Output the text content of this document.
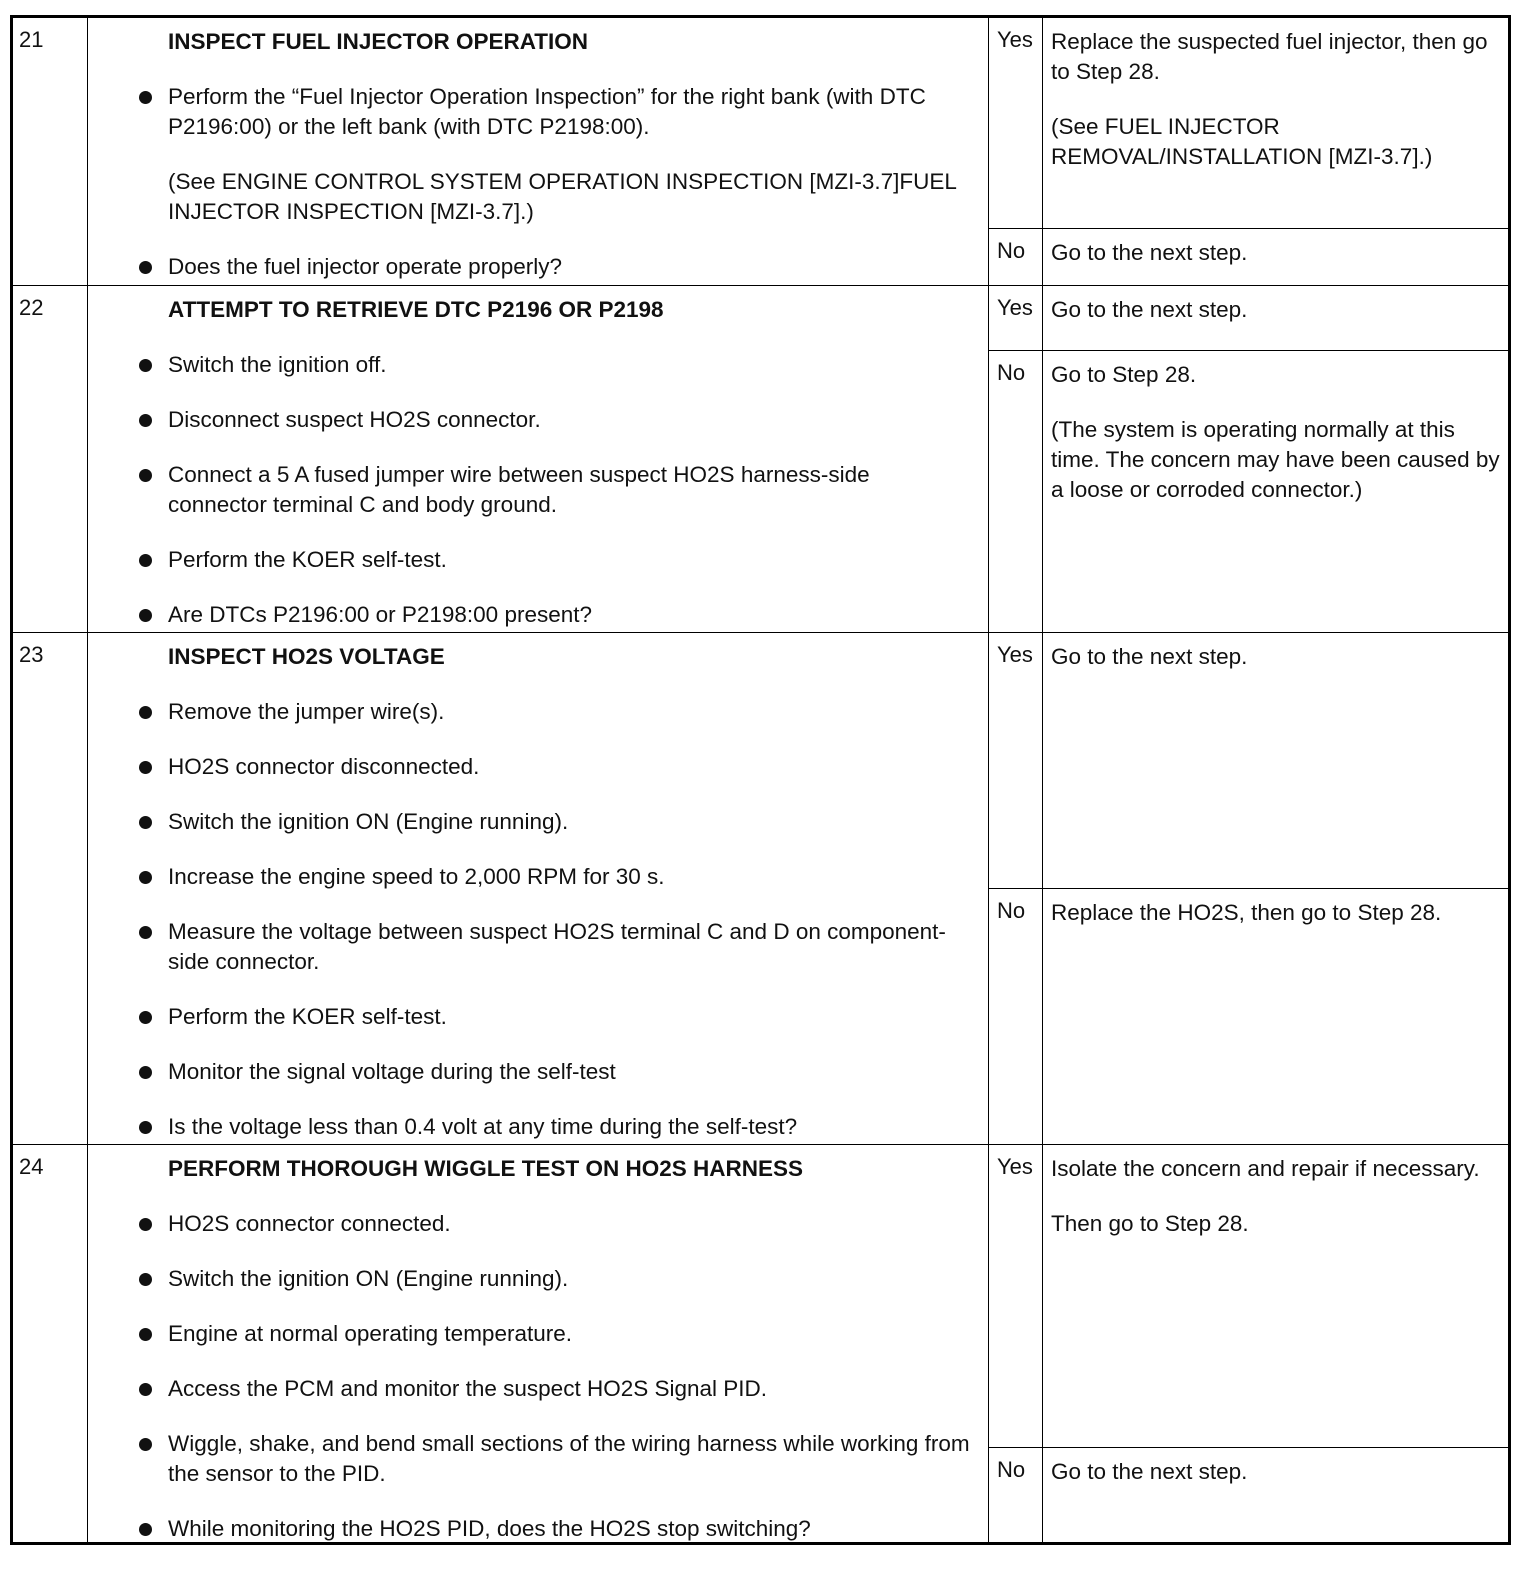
21	INSPECT FUEL INJECTOR OPERATION
Perform the “Fuel Injector Operation Inspection” for the right bank (with DTC P2196:00) or the left bank (with DTC P2198:00).
(See ENGINE CONTROL SYSTEM OPERATION INSPECTION [MZI-3.7]FUEL INJECTOR INSPECTION [MZI-3.7].)
Does the fuel injector operate properly?
Yes Replace the suspected fuel injector, then go to Step 28.
(See FUEL INJECTOR REMOVAL/INSTALLATION [MZI-3.7].)
No Go to the next step.
22	ATTEMPT TO RETRIEVE DTC P2196 OR P2198
Switch the ignition off.
Disconnect suspect HO2S connector.
Connect a 5 A fused jumper wire between suspect HO2S harness-side connector terminal C and body ground.
Perform the KOER self-test.
Are DTCs P2196:00 or P2198:00 present?
Yes Go to the next step.
No Go to Step 28.
(The system is operating normally at this time. The concern may have been caused by a loose or corroded connector.)
23	INSPECT HO2S VOLTAGE
Remove the jumper wire(s).
HO2S connector disconnected.
Switch the ignition ON (Engine running).
Increase the engine speed to 2,000 RPM for 30 s.
Measure the voltage between suspect HO2S terminal C and D on component-side connector.
Perform the KOER self-test.
Monitor the signal voltage during the self-test
Is the voltage less than 0.4 volt at any time during the self-test?
Yes Go to the next step.
No Replace the HO2S, then go to Step 28.
24	PERFORM THOROUGH WIGGLE TEST ON HO2S HARNESS
HO2S connector connected.
Switch the ignition ON (Engine running).
Engine at normal operating temperature.
Access the PCM and monitor the suspect HO2S Signal PID.
Wiggle, shake, and bend small sections of the wiring harness while working from the sensor to the PID.
While monitoring the HO2S PID, does the HO2S stop switching?
Yes Isolate the concern and repair if necessary.
Then go to Step 28.
No Go to the next step.
